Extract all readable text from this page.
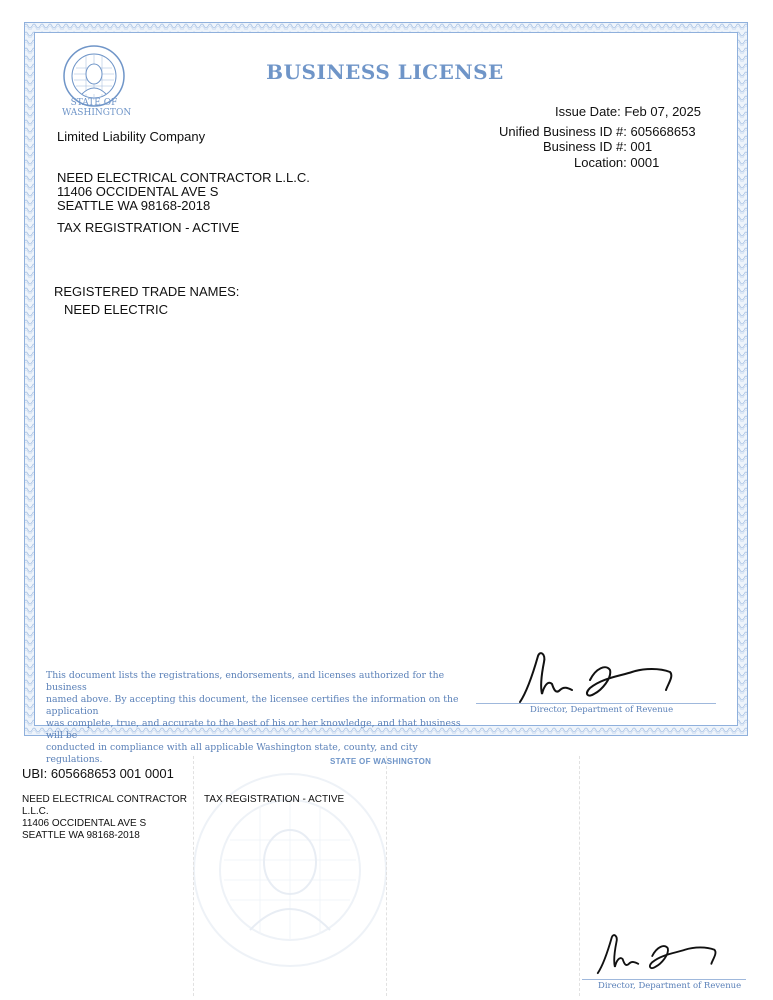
STATE OF WASHINGTON
BUSINESS LICENSE
Issue Date: Feb 07, 2025
Limited Liability Company	Unified Business ID #: 605668653
Business ID #: 001
Location: 0001
NEED ELECTRICAL CONTRACTOR L.L.C.
11406 OCCIDENTAL AVE S
SEATTLE WA 98168-2018
TAX REGISTRATION - ACTIVE
REGISTERED TRADE NAMES:
NEED ELECTRIC
This document lists the registrations, endorsements, and licenses authorized for the business
named above. By accepting this document, the licensee certifies the information on the application
was complete, true, and accurate to the best of his or her knowledge, and that business will be
conducted in compliance with all applicable Washington state, county, and city regulations.
Director, Department of Revenue
STATE OF WASHINGTON
UBI: 605668653 001 0001
NEED ELECTRICAL CONTRACTOR
L.L.C.
11406 OCCIDENTAL AVE S
SEATTLE WA 98168-2018
TAX REGISTRATION - ACTIVE
Director, Department of Revenue
